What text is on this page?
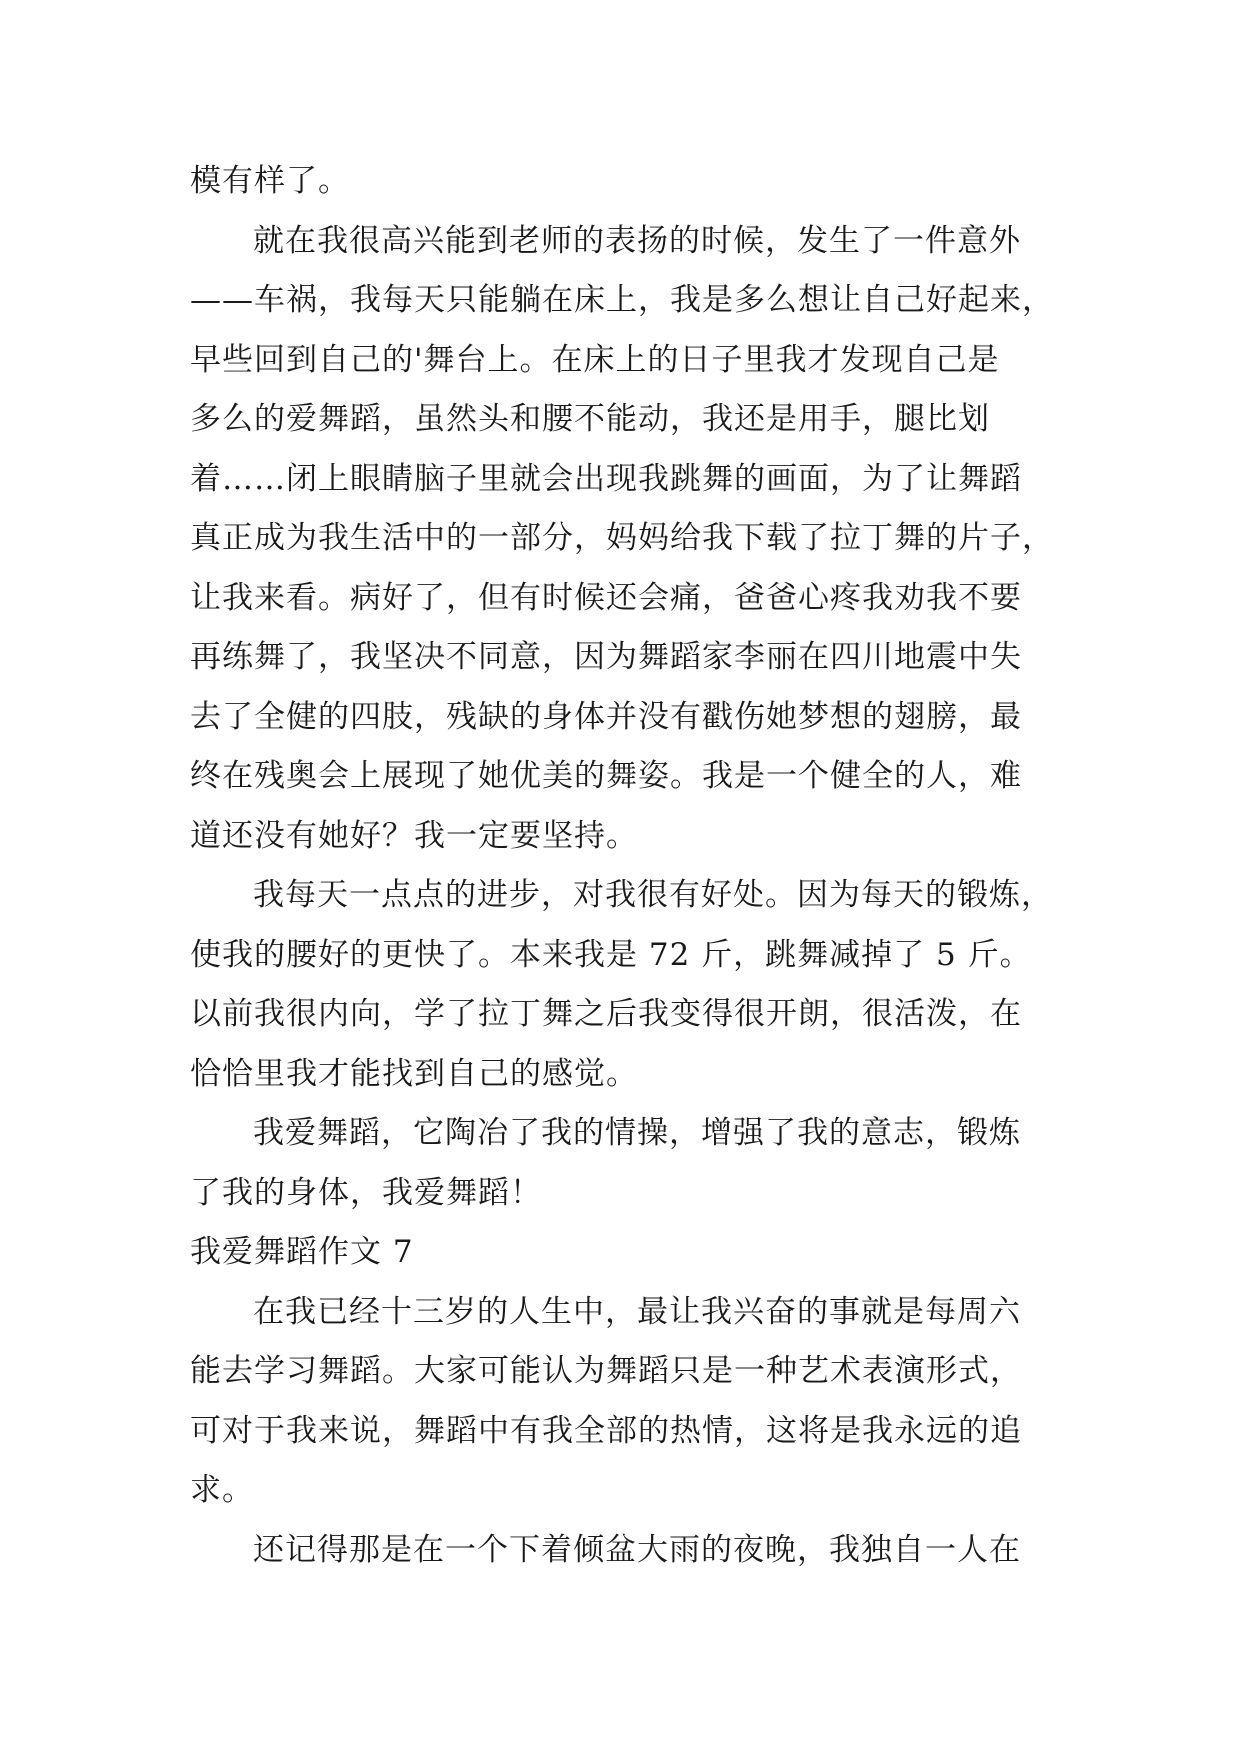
模有样了。
就在我很高兴能到老师的表扬的时候，发生了一件意外
——车祸，我每天只能躺在床上，我是多么想让自己好起来，
早些回到自己的'舞台上。在床上的日子里我才发现自己是
多么的爱舞蹈，虽然头和腰不能动，我还是用手，腿比划
着……闭上眼睛脑子里就会出现我跳舞的画面，为了让舞蹈
真正成为我生活中的一部分，妈妈给我下载了拉丁舞的片子，
让我来看。病好了，但有时候还会痛，爸爸心疼我劝我不要
再练舞了，我坚决不同意，因为舞蹈家李丽在四川地震中失
去了全健的四肢，残缺的身体并没有戳伤她梦想的翅膀，最
终在残奥会上展现了她优美的舞姿。我是一个健全的人，难
道还没有她好？我一定要坚持。
我每天一点点的进步，对我很有好处。因为每天的锻炼，
使我的腰好的更快了。本来我是 72 斤，跳舞减掉了 5 斤。
以前我很内向，学了拉丁舞之后我变得很开朗，很活泼，在
恰恰里我才能找到自己的感觉。
我爱舞蹈，它陶冶了我的情操，增强了我的意志，锻炼
了我的身体，我爱舞蹈！
我爱舞蹈作文 7
在我已经十三岁的人生中，最让我兴奋的事就是每周六
能去学习舞蹈。大家可能认为舞蹈只是一种艺术表演形式，
可对于我来说，舞蹈中有我全部的热情，这将是我永远的追
求。
还记得那是在一个下着倾盆大雨的夜晚，我独自一人在
